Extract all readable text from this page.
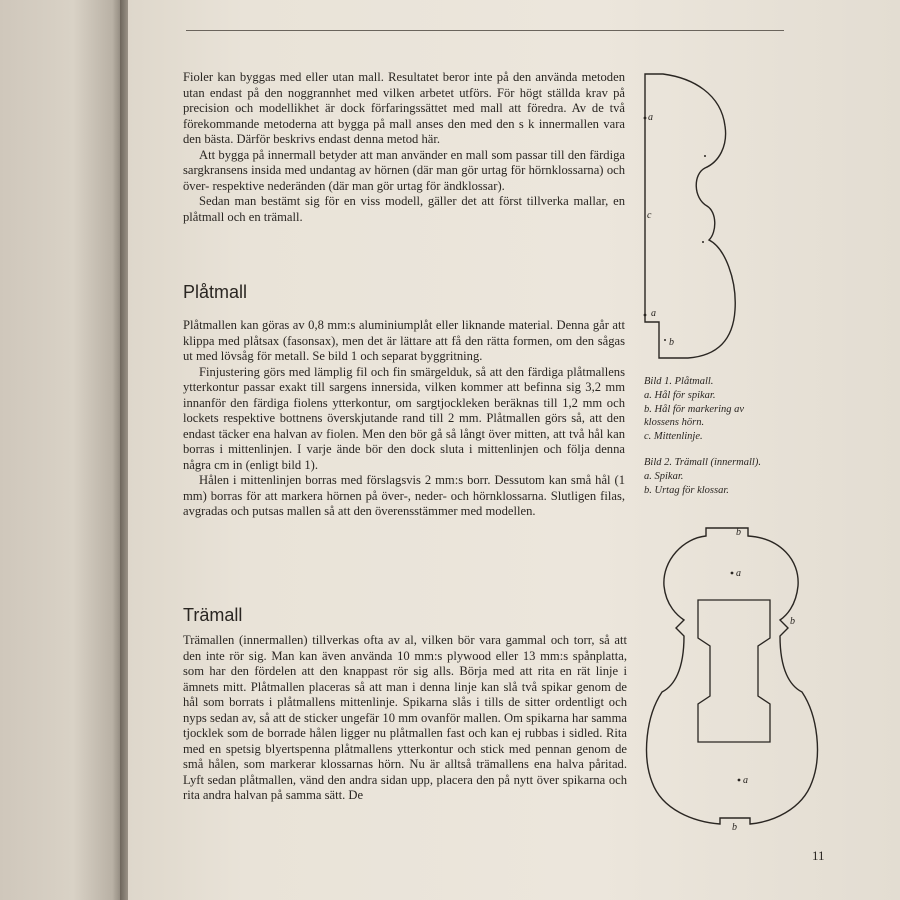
Fioler kan byggas med eller utan mall. Resultatet beror inte på den använda metoden utan endast på den noggrannhet med vilken arbetet utförs. För högt ställda krav på precision och modellikhet är dock förfaringssättet med mall att föredra. Av de två förekommande metoderna att bygga på mall anses den med den s k innermallen vara den bästa. Därför beskrivs endast denna metod här.

Att bygga på innermall betyder att man använder en mall som passar till den färdiga sargkransens insida med undantag av hörnen (där man gör urtag för hörnklossarna) och över- respektive nederänden (där man gör urtag för ändklossar).

Sedan man bestämt sig för en viss modell, gäller det att först tillverka mallar, en plåtmall och en trämall.

Plåtmall

Plåtmallen kan göras av 0,8 mm:s aluminiumplåt eller liknande material. Denna går att klippa med plåtsax (fasonsax), men det är lättare att få den rätta formen, om den sågas ut med lövsåg för metall. Se bild 1 och separat byggritning.

Finjustering görs med lämplig fil och fin smärgelduk, så att den färdiga plåtmallens ytterkontur passar exakt till sargens innersida, vilken kommer att befinna sig 3,2 mm innanför den färdiga fiolens ytterkontur, om sargtjockleken beräknas till 1,2 mm och lockets respektive bottnens överskjutande rand till 2 mm. Plåtmallen görs så, att den endast täcker ena halvan av fiolen. Men den bör gå så långt över mitten, att två hål kan borras i mittenlinjen. I varje ände bör den dock sluta i mittenlinjen och följa denna några cm in (enligt bild 1).

Hålen i mittenlinjen borras med förslagsvis 2 mm:s borr. Dessutom kan små hål (1 mm) borras för att markera hörnen på över-, neder- och hörnklossarna. Slutligen filas, avgradas och putsas mallen så att den överensstämmer med modellen.

Trämall

Trämallen (innermallen) tillverkas ofta av al, vilken bör vara gammal och torr, så att den inte rör sig. Man kan även använda 10 mm:s plywood eller 13 mm:s spånplatta, som har den fördelen att den knappast rör sig alls. Börja med att rita en rät linje i ämnets mitt. Plåtmallen placeras så att man i denna linje kan slå två spikar genom de hål som borrats i plåtmallens mittenlinje. Spikarna slås i tills de sitter ordentligt och nyps sedan av, så att de sticker ungefär 10 mm ovanför mallen. Om spikarna har samma tjocklek som de borrade hålen ligger nu plåtmallen fast och kan ej rubbas i sidled. Rita med en spetsig blyertspenna plåtmallens ytterkontur och stick med pennan genom de små hålen, som markerar klossarnas hörn. Nu är alltså trämallens ena halva påritad. Lyft sedan plåtmallen, vänd den andra sidan upp, placera den på nytt över spikarna och rita andra halvan på samma sätt. De

a
c
a
b
Bild 1. Plåtmall.
a. Hål för spikar.
b. Hål för markering av klossens hörn.
c. Mittenlinje.
Bild 2. Trämall (innermall).
a. Spikar.
b. Urtag för klossar.
b
a
b
a
b
11
